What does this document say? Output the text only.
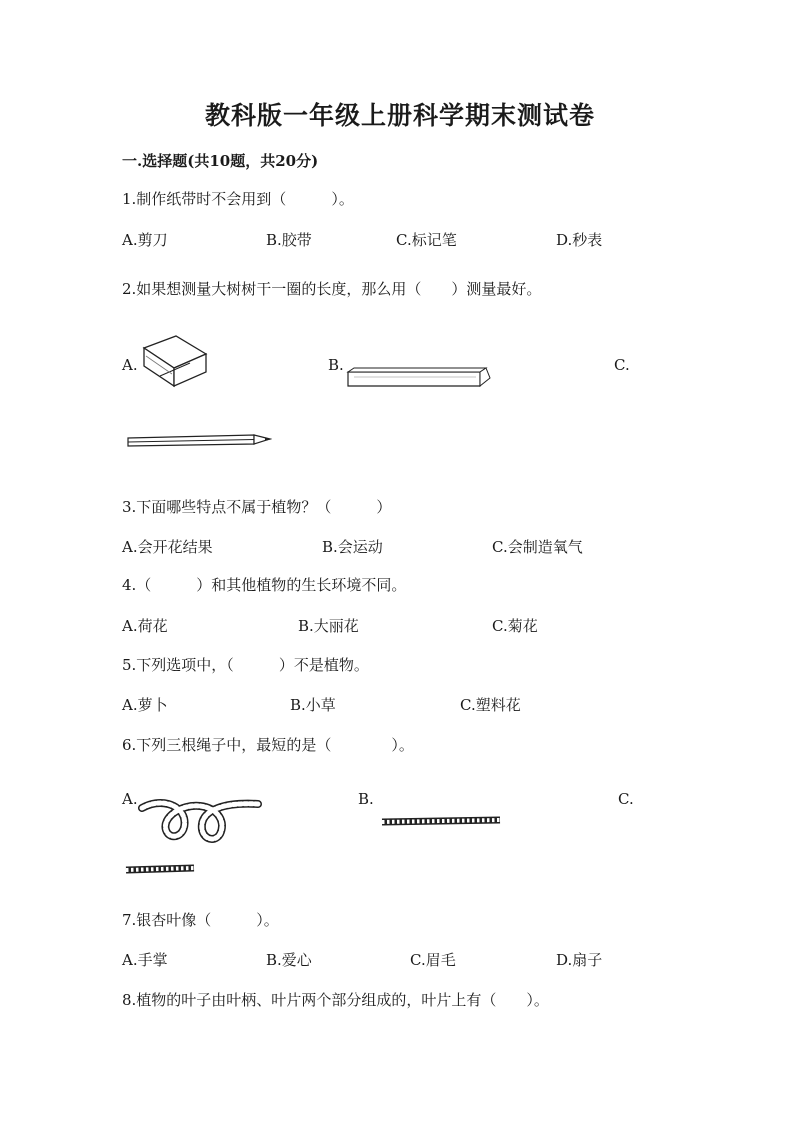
教科版一年级上册科学期末测试卷
一.选择题(共10题，共20分)
1.制作纸带时不会用到（　　　）。
A.剪刀	B.胶带	C.标记笔	D.秒表
2.如果想测量大树树干一圈的长度，那么用（　　）测量最好。
A.	B.	C.
3.下面哪些特点不属于植物？（　　　）
A.会开花结果	B.会运动	C.会制造氧气
4.（　　　）和其他植物的生长环境不同。
A.荷花	B.大丽花	C.菊花
5.下列选项中，（　　　）不是植物。
A.萝卜	B.小草	C.塑料花
6.下列三根绳子中，最短的是（　　　　）。
A.	B.	C.
7.银杏叶像（　　　）。
A.手掌	B.爱心	C.眉毛	D.扇子
8.植物的叶子由叶柄、叶片两个部分组成的，叶片上有（　　）。
